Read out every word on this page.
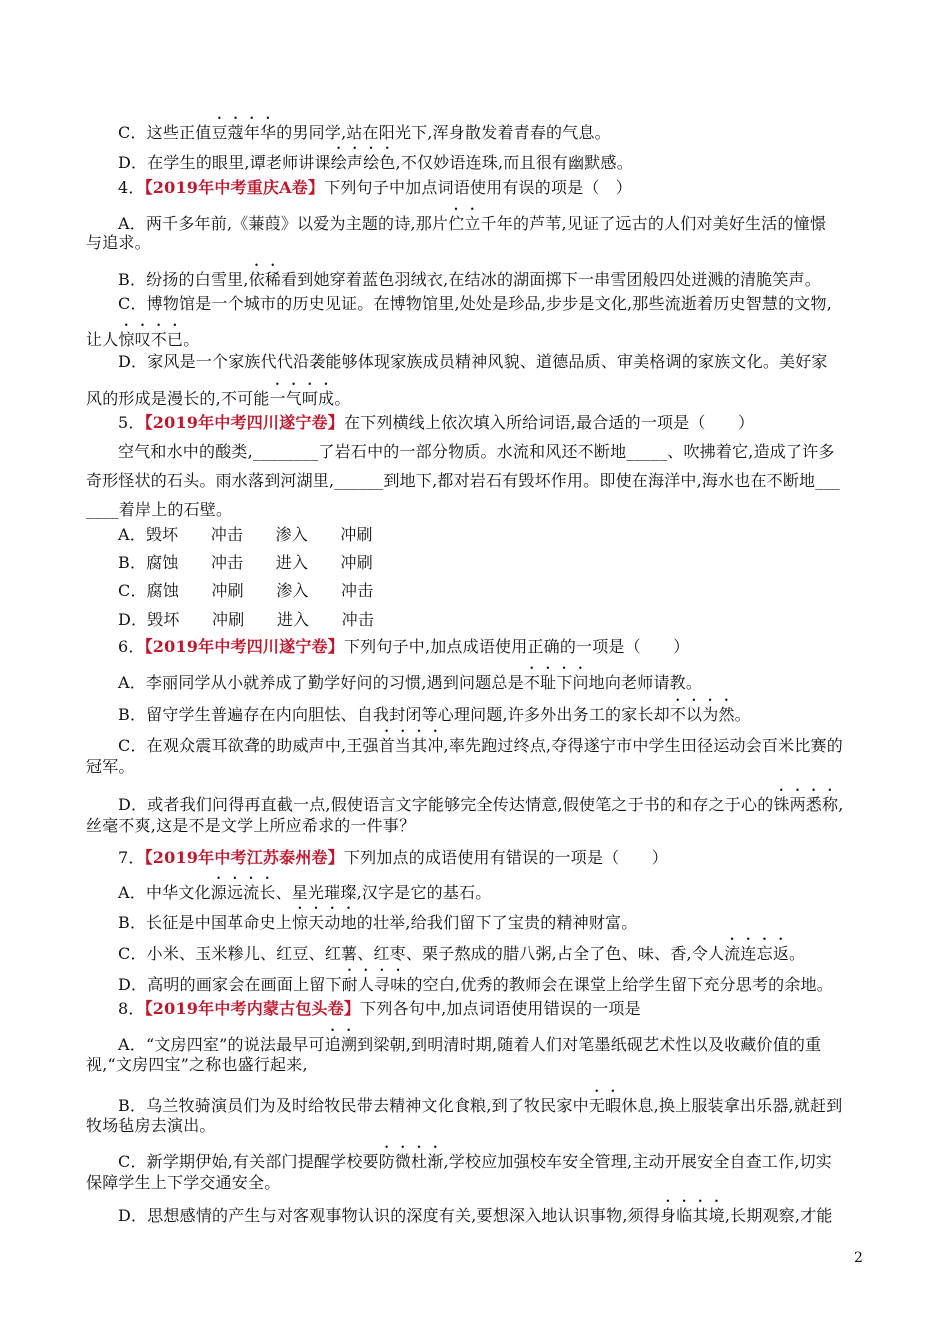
C．这些正值豆蔻年华的男同学,站在阳光下,浑身散发着青春的气息。
D．在学生的眼里,谭老师讲课绘声绘色,不仅妙语连珠,而且很有幽默感。
4．【2019年中考重庆A卷】下列句子中加点词语使用有误的项是（　）
A．两千多年前,《蒹葭》以爱为主题的诗,那片伫立千年的芦苇,见证了远古的人们对美好生活的憧憬
与追求。
B．纷扬的白雪里,依稀看到她穿着蓝色羽绒衣,在结冰的湖面掷下一串雪团般四处迸溅的清脆笑声。
C．博物馆是一个城市的历史见证。在博物馆里,处处是珍品,步步是文化,那些流逝着历史智慧的文物,
让人惊叹不已。
D．家风是一个家族代代沿袭能够体现家族成员精神风貌、道德品质、审美格调的家族文化。美好家
风的形成是漫长的,不可能一气呵成。
5．【2019年中考四川遂宁卷】在下列横线上依次填入所给词语,最合适的一项是（　　）
空气和水中的酸类,________了岩石中的一部分物质。水流和风还不断地_____、吹拂着它,造成了许多
奇形怪状的石头。雨水落到河湖里,______到地下,都对岩石有毁坏作用。即使在海洋中,海水也在不断地___
____着岸上的石壁。
A．毁坏　　冲击　　渗入　　冲刷
B．腐蚀　　冲击　　进入　　冲刷
C．腐蚀　　冲刷　　渗入　　冲击
D．毁坏　　冲刷　　进入　　冲击
6．【2019年中考四川遂宁卷】下列句子中,加点成语使用正确的一项是（　　）
A．李丽同学从小就养成了勤学好问的习惯,遇到问题总是不耻下问地向老师请教。
B．留守学生普遍存在内向胆怯、自我封闭等心理问题,许多外出务工的家长却不以为然。
C．在观众震耳欲聋的助威声中,王强首当其冲,率先跑过终点,夺得遂宁市中学生田径运动会百米比赛的
冠军。
D．或者我们问得再直截一点,假使语言文字能够完全传达情意,假使笔之于书的和存之于心的铢两悉称,
丝毫不爽,这是不是文学上所应希求的一件事？
7．【2019年中考江苏泰州卷】下列加点的成语使用有错误的一项是（　　）
A．中华文化源远流长、星光璀璨,汉字是它的基石。
B．长征是中国革命史上惊天动地的壮举,给我们留下了宝贵的精神财富。
C．小米、玉米糁儿、红豆、红薯、红枣、栗子熬成的腊八粥,占全了色、味、香,令人流连忘返。
D．高明的画家会在画面上留下耐人寻味的空白,优秀的教师会在课堂上给学生留下充分思考的余地。
8．【2019年中考内蒙古包头卷】下列各句中,加点词语使用错误的一项是
A．“文房四室”的说法最早可追溯到梁朝,到明清时期,随着人们对笔墨纸砚艺术性以及收藏价值的重
视,“文房四宝”之称也盛行起来,
B．乌兰牧骑演员们为及时给牧民带去精神文化食粮,到了牧民家中无暇休息,换上服装拿出乐器,就赶到
牧场毡房去演出。
C．新学期伊始,有关部门提醒学校要防微杜渐,学校应加强校车安全管理,主动开展安全自查工作,切实
保障学生上下学交通安全。
D．思想感情的产生与对客观事物认识的深度有关,要想深入地认识事物,须得身临其境,长期观察,才能
2
